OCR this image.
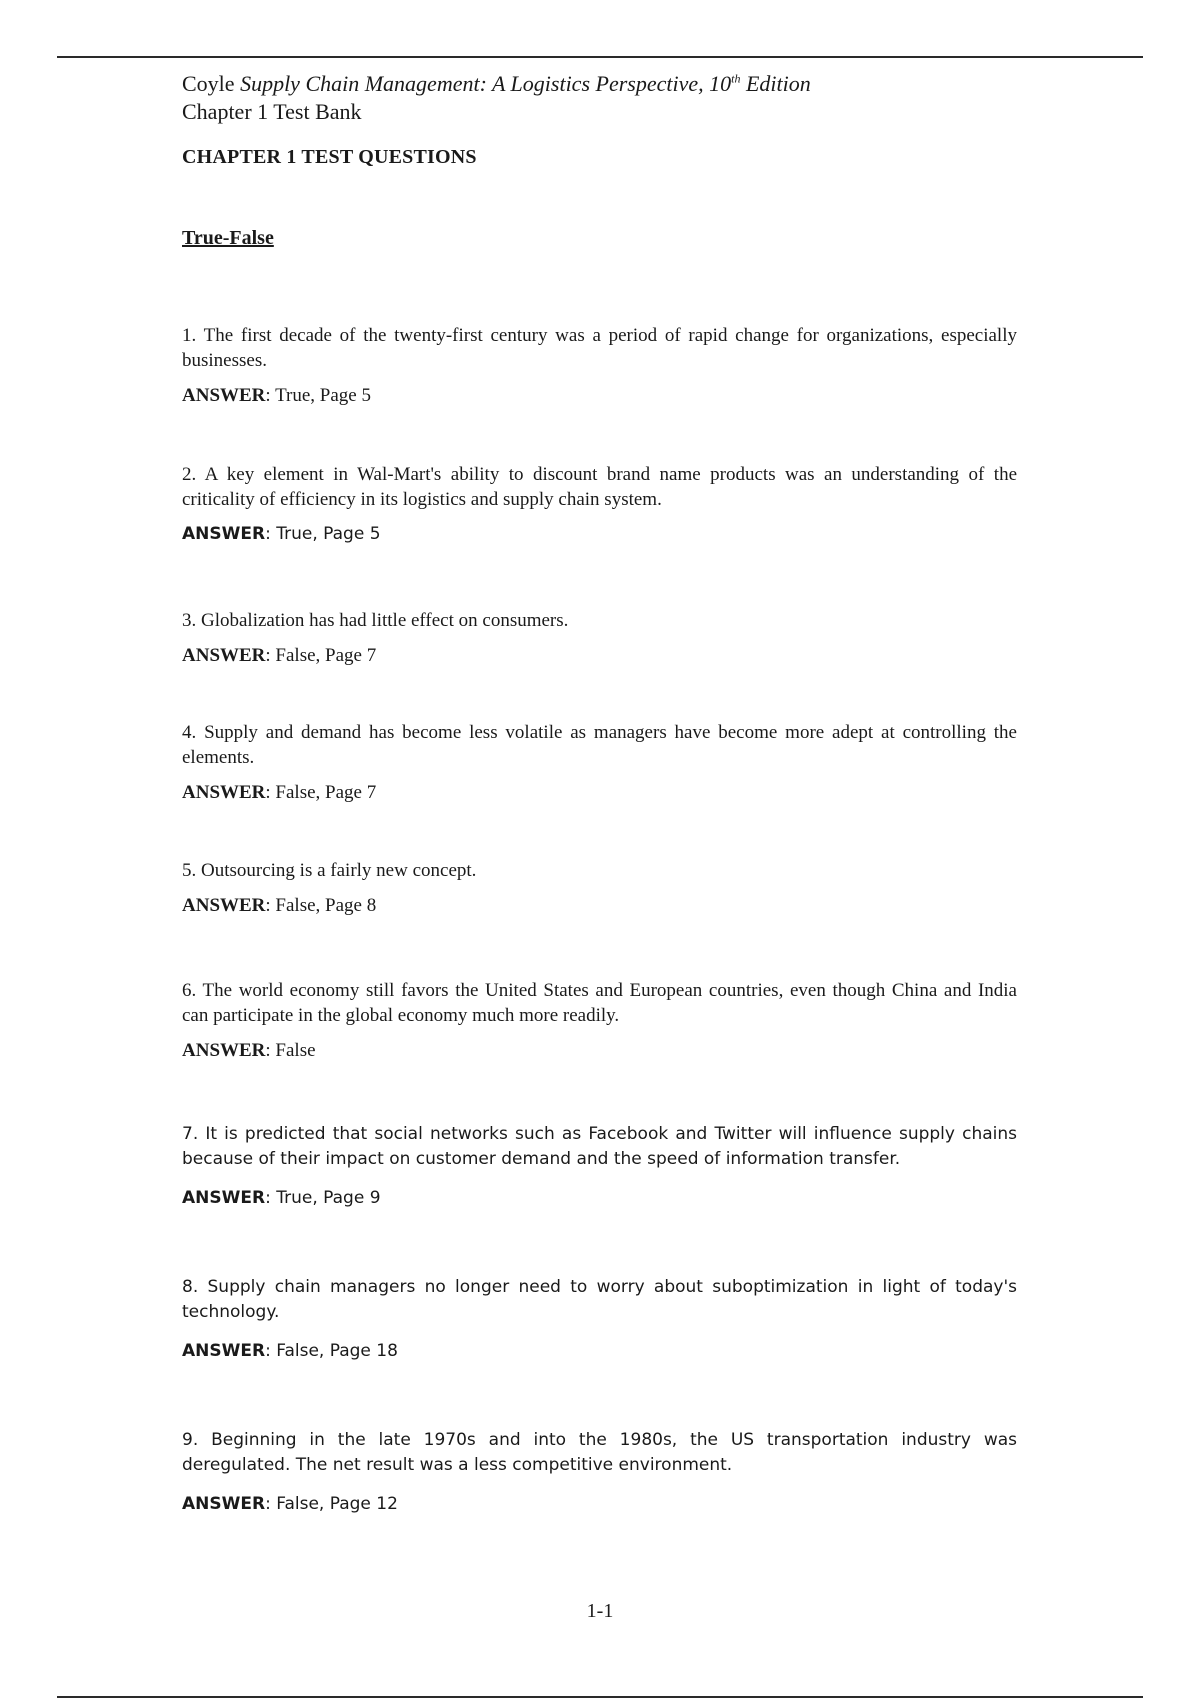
Coyle Supply Chain Management: A Logistics Perspective, 10th Edition
Chapter 1 Test Bank
CHAPTER 1 TEST QUESTIONS
True-False

1. The first decade of the twenty-first century was a period of rapid change for organizations, especially businesses.

ANSWER: True, Page 5

2. A key element in Wal-Mart's ability to discount brand name products was an understanding of the criticality of efficiency in its logistics and supply chain system.

ANSWER: True, Page 5

3. Globalization has had little effect on consumers.

ANSWER: False, Page 7

4. Supply and demand has become less volatile as managers have become more adept at controlling the elements.

ANSWER: False, Page 7

5. Outsourcing is a fairly new concept.

ANSWER: False, Page 8

6. The world economy still favors the United States and European countries, even though China and India can participate in the global economy much more readily.

ANSWER: False

7. It is predicted that social networks such as Facebook and Twitter will influence supply chains because of their impact on customer demand and the speed of information transfer.

ANSWER: True, Page 9

8. Supply chain managers no longer need to worry about suboptimization in light of today's technology.

ANSWER: False, Page 18

9. Beginning in the late 1970s and into the 1980s, the US transportation industry was deregulated. The net result was a less competitive environment.

ANSWER: False, Page 12
1-1
